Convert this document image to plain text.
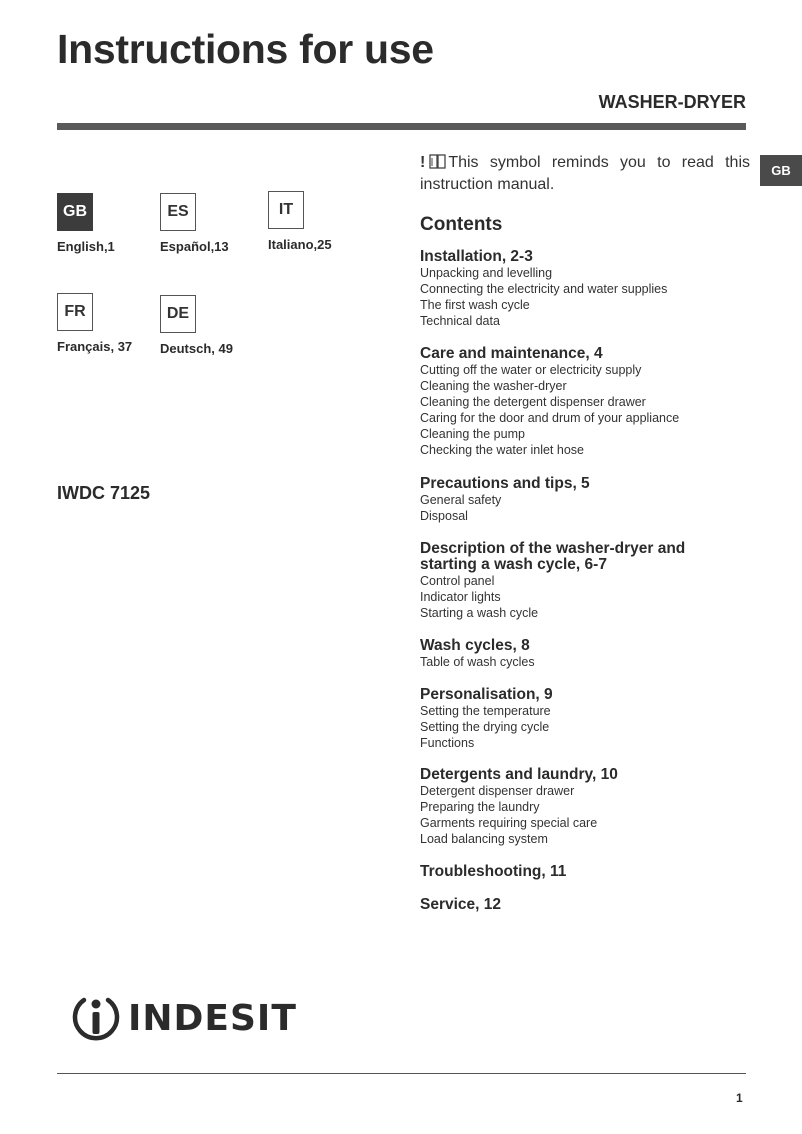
Instructions for use
WASHER-DRYER
GB
GB
English,1
ES
Español,13
IT
Italiano,25
FR
Français, 37
DE
Deutsch, 49
IWDC 7125
! This symbol reminds you to read this instruction manual.
Contents
Installation, 2-3
Unpacking and levelling
Connecting the electricity and water supplies
The first wash cycle
Technical data
Care and maintenance, 4
Cutting off the water or electricity supply
Cleaning the washer-dryer
Cleaning the detergent dispenser drawer
Caring for the door and drum of your appliance
Cleaning the pump
Checking the water inlet hose
Precautions and tips, 5
General safety
Disposal
Description of the washer-dryer and
starting a wash cycle, 6-7
Control panel
Indicator lights
Starting a wash cycle
Wash cycles, 8
Table of wash cycles
Personalisation, 9
Setting the temperature
Setting the drying cycle
Functions
Detergents and laundry, 10
Detergent dispenser drawer
Preparing the laundry
Garments requiring special care
Load balancing system
Troubleshooting, 11
Service, 12
INDESIT
1
